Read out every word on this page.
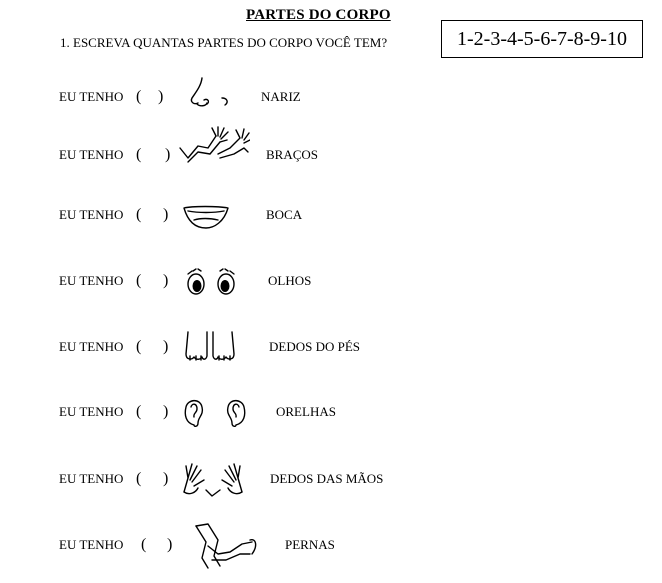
PARTES DO CORPO
1. ESCREVA QUANTAS PARTES DO CORPO VOCÊ TEM?	1-2-3-4-5-6-7-8-9-10
EU TENHO ( )	NARIZ
EU TENHO ( )	BRAÇOS
EU TENHO ( )	BOCA
EU TENHO ( )	OLHOS
EU TENHO ( )	DEDOS DO PÉS
EU TENHO ( )	ORELHAS
EU TENHO ( )	DEDOS DAS MÃOS
EU TENHO ( )	PERNAS
